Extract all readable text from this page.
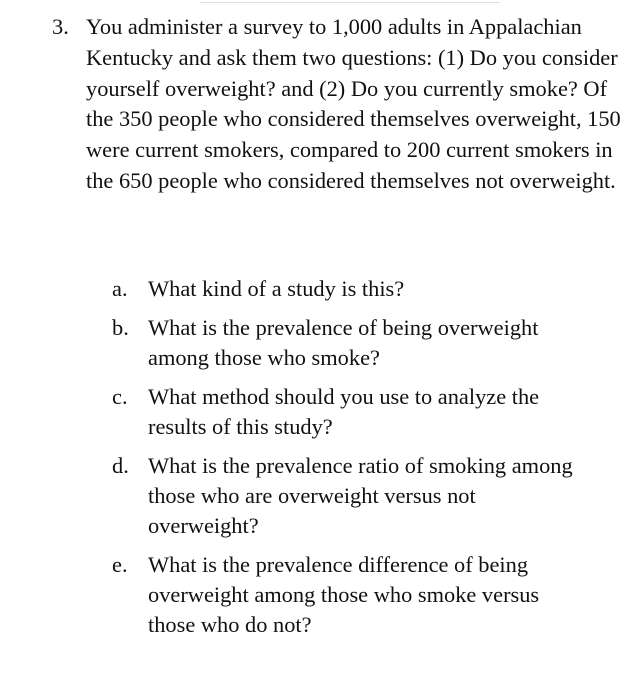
3. You administer a survey to 1,000 adults in Appalachian Kentucky and ask them two questions: (1) Do you consider yourself overweight? and (2) Do you currently smoke? Of the 350 people who considered themselves overweight, 150 were current smokers, compared to 200 current smokers in the 650 people who considered themselves not overweight.
a. What kind of a study is this?
b. What is the prevalence of being overweight among those who smoke?
c. What method should you use to analyze the results of this study?
d. What is the prevalence ratio of smoking among those who are overweight versus not overweight?
e. What is the prevalence difference of being overweight among those who smoke versus those who do not?
